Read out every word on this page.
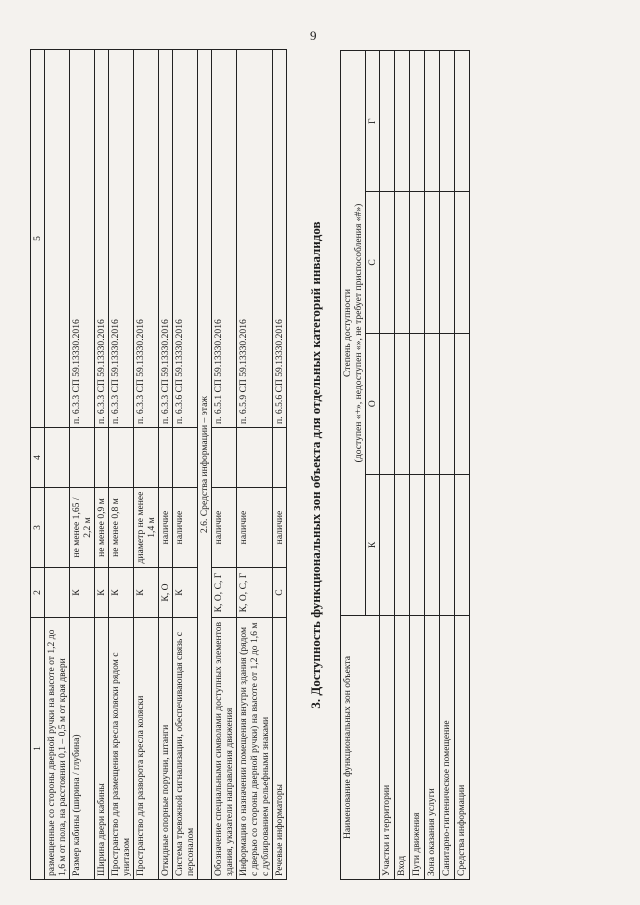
9
1	2	3	4	5
размещенные со стороны дверной ручки на высоте от 1,2 до 1,6 м от пола, на расстоянии 0,1 – 0,5 м от края двери				
Размер кабины (ширина / глубина)	К	не менее 1,65 / 2,2 м		п. 6.3.3 СП 59.13330.2016
Ширина двери кабины	К	не менее 0,9 м		п. 6.3.3 СП 59.13330.2016
Пространство для размещения кресла коляски рядом с унитазом	К	не менее 0,8 м		п. 6.3.3 СП 59.13330.2016
Пространство для разворота кресла коляски	К	диаметр не менее 1,4 м		п. 6.3.3 СП 59.13330.2016
Откидные опорные поручни, штанги	К, О	наличие		п. 6.3.3 СП 59.13330.2016
Система тревожной сигнализации, обеспечивающая связь с персоналом	К	наличие		п. 6.3.6 СП 59.13330.2016
2.6. Средства информации – этаж				
Обозначение специальными символами доступных элементов здания, указатели направления движения	К, О, С, Г	наличие		п. 6.5.1 СП 59.13330.2016
Информация о назначении помещения внутри здания (рядом с дверью со стороны дверной ручки) на высоте от 1,2 до 1,6 м с дублированием рельефными знаками	К, О, С, Г	наличие		п. 6.5.9 СП 59.13330.2016
Речевые информаторы	С	наличие		п. 6.5.6 СП 59.13330.2016 3. Доступность функциональных зон объекта для отдельных категорий инвалидов
Наименование функциональных зон объекта	Степень доступности (доступен «+», недоступен «», не требует приспособления «#»)			

	К	О	С	Г
Участки и территории				
Вход				
Пути движения				
Зона оказания услуги				
Санитарно-гигиеническое помещение				
Средства информации				
